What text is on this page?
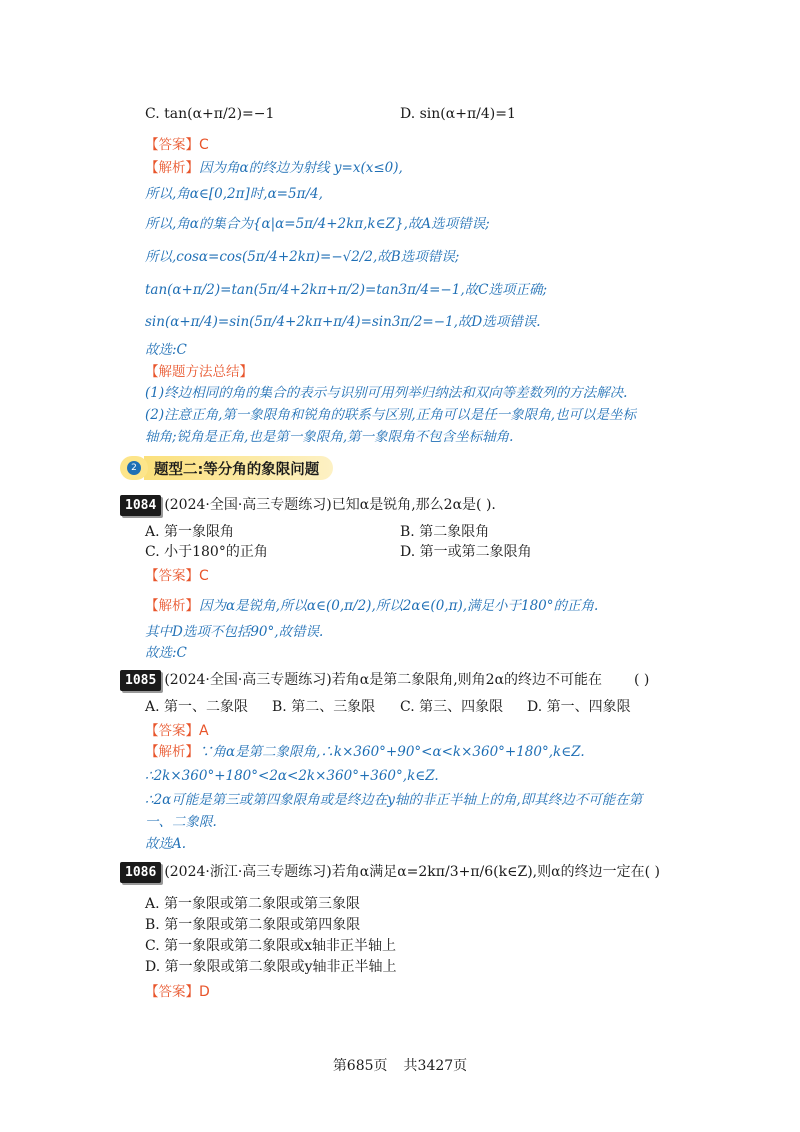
C. tan(α+π/2)=−1	D. sin(α+π/4)=1
【答案】C
【解析】因为角α的终边为射线 y=x(x≤0),
所以,角α∈[0,2π]时,α=5π/4,
所以,角α的集合为{α|α=5π/4+2kπ,k∈Z},故A选项错误;
所以,cosα=cos(5π/4+2kπ)=−√2/2,故B选项错误;
tan(α+π/2)=tan(5π/4+2kπ+π/2)=tan3π/4=−1,故C选项正确;
sin(α+π/4)=sin(5π/4+2kπ+π/4)=sin3π/2=−1,故D选项错误.
故选:C
【解题方法总结】
(1)终边相同的角的集合的表示与识别可用列举归纳法和双向等差数列的方法解决.
(2)注意正角,第一象限角和锐角的联系与区别,正角可以是任一象限角,也可以是坐标
轴角;锐角是正角,也是第一象限角,第一象限角不包含坐标轴角.
2	题型二:等分角的象限问题
1084 (2024·全国·高三专题练习)已知α是锐角,那么2α是( ).
A. 第一象限角	B. 第二象限角
C. 小于180°的正角	D. 第一或第二象限角
【答案】C
【解析】因为α是锐角,所以α∈(0,π/2),所以2α∈(0,π),满足小于180°的正角.
其中D选项不包括90°,故错误.
故选:C
1085 (2024·全国·高三专题练习)若角α是第二象限角,则角2α的终边不可能在 ( )
A. 第一、二象限 B. 第二、三象限 C. 第三、四象限 D. 第一、四象限
【答案】A
【解析】∵角α是第二象限角,∴k×360°+90°<α<k×360°+180°,k∈Z.
∴2k×360°+180°<2α<2k×360°+360°,k∈Z.
∴2α可能是第三或第四象限角或是终边在y轴的非正半轴上的角,即其终边不可能在第
一、二象限.
故选A.
1086 (2024·浙江·高三专题练习)若角α满足α=2kπ/3+π/6(k∈Z),则α的终边一定在( )
A. 第一象限或第二象限或第三象限
B. 第一象限或第二象限或第四象限
C. 第一象限或第二象限或x轴非正半轴上
D. 第一象限或第二象限或y轴非正半轴上
【答案】D
第685页 共3427页
